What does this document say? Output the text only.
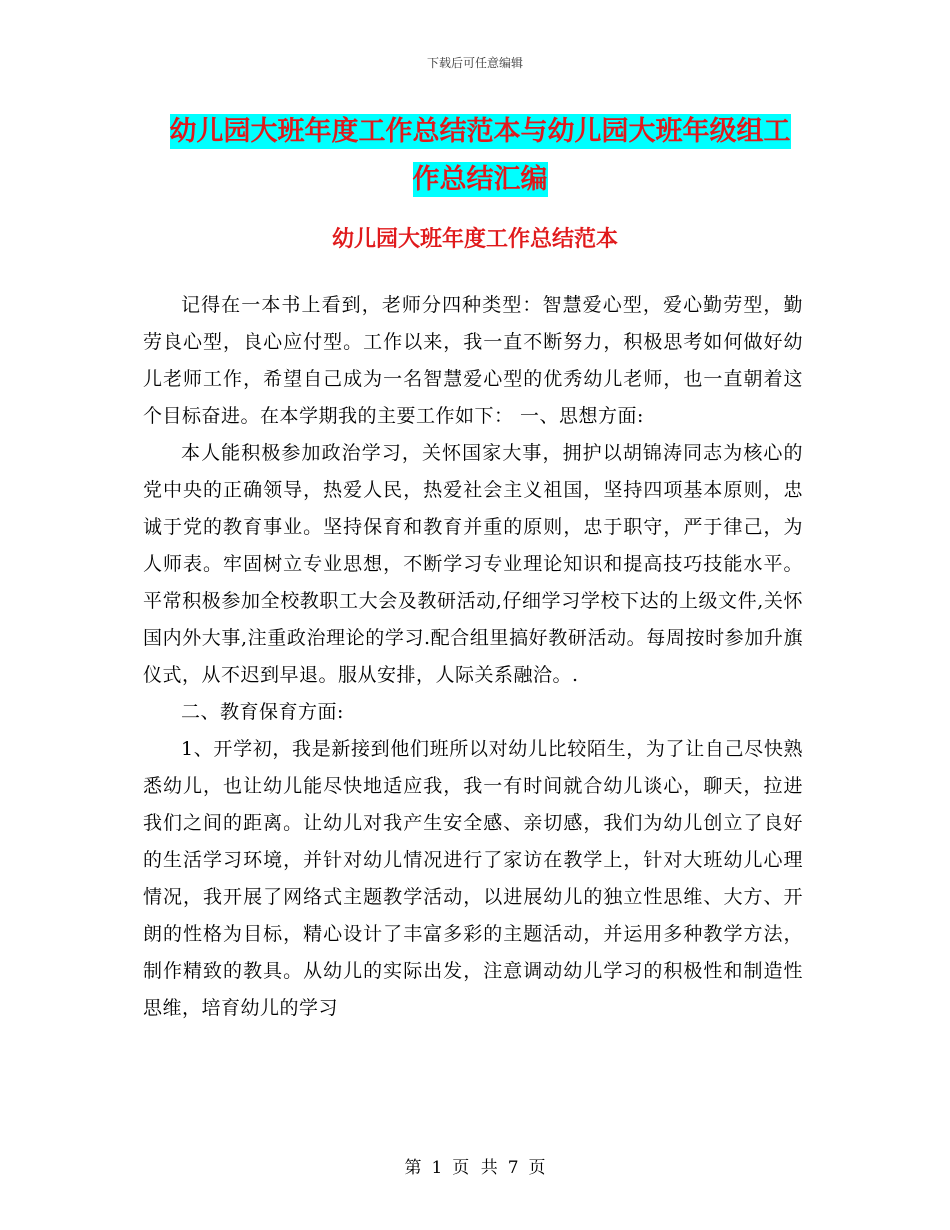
下载后可任意编辑
幼儿园大班年度工作总结范本与幼儿园大班年级组工
作总结汇编
幼儿园大班年度工作总结范本

记得在一本书上看到，老师分四种类型：智慧爱心型，爱心勤劳型，勤劳良心型，良心应付型。工作以来，我一直不断努力，积极思考如何做好幼儿老师工作，希望自己成为一名智慧爱心型的优秀幼儿老师，也一直朝着这个目标奋进。在本学期我的主要工作如下： 一、思想方面:

本人能积极参加政治学习，关怀国家大事，拥护以胡锦涛同志为核心的党中央的正确领导，热爱人民，热爱社会主义祖国，坚持四项基本原则，忠诚于党的教育事业。坚持保育和教育并重的原则，忠于职守，严于律己，为人师表。牢固树立专业思想，不断学习专业理论知识和提高技巧技能水平。平常积极参加全校教职工大会及教研活动,仔细学习学校下达的上级文件,关怀国内外大事,注重政治理论的学习.配合组里搞好教研活动。每周按时参加升旗仪式，从不迟到早退。服从安排，人际关系融洽。.

二、教育保育方面:

1、开学初，我是新接到他们班所以对幼儿比较陌生，为了让自己尽快熟悉幼儿，也让幼儿能尽快地适应我，我一有时间就合幼儿谈心，聊天，拉进我们之间的距离。让幼儿对我产生安全感、亲切感，我们为幼儿创立了良好的生活学习环境，并针对幼儿情况进行了家访在教学上，针对大班幼儿心理情况，我开展了网络式主题教学活动，以进展幼儿的独立性思维、大方、开朗的性格为目标，精心设计了丰富多彩的主题活动，并运用多种教学方法，制作精致的教具。从幼儿的实际出发，注意调动幼儿学习的积极性和制造性思维，培育幼儿的学习

第 1 页 共 7 页
